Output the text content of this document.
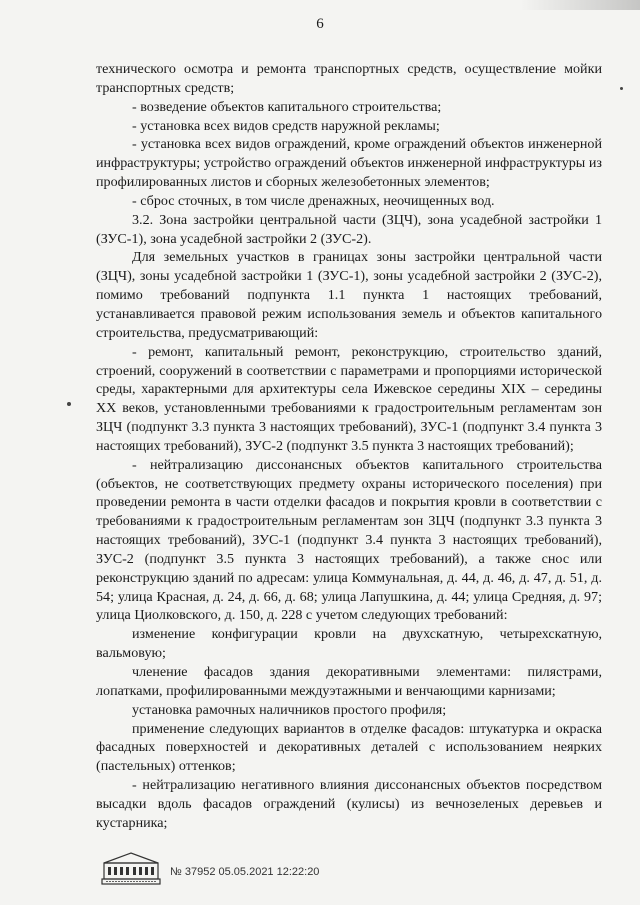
6

технического осмотра и ремонта транспортных средств, осуществление мойки транспортных средств;

- возведение объектов капитального строительства;

- установка всех видов средств наружной рекламы;

- установка всех видов ограждений, кроме ограждений объектов инженерной инфраструктуры; устройство ограждений объектов инженерной инфраструктуры из профилированных листов и сборных железобетонных элементов;

- сброс сточных, в том числе дренажных, неочищенных вод.

3.2. Зона застройки центральной части (ЗЦЧ), зона усадебной застройки 1 (ЗУС-1), зона усадебной застройки 2 (ЗУС-2).

Для земельных участков в границах зоны застройки центральной части (ЗЦЧ), зоны усадебной застройки 1 (ЗУС-1), зоны усадебной застройки 2 (ЗУС-2), помимо требований подпункта 1.1 пункта 1 настоящих требований, устанавливается правовой режим использования земель и объектов капитального строительства, предусматривающий:

- ремонт, капитальный ремонт, реконструкцию, строительство зданий, строений, сооружений в соответствии с параметрами и пропорциями исторической среды, характерными для архитектуры села Ижевское середины XIX – середины XX веков, установленными требованиями к градостроительным регламентам зон ЗЦЧ (подпункт 3.3 пункта 3 настоящих требований), ЗУС-1 (подпункт 3.4 пункта 3 настоящих требований), ЗУС-2 (подпункт 3.5 пункта 3 настоящих требований);

- нейтрализацию диссонансных объектов капитального строительства (объектов, не соответствующих предмету охраны исторического поселения) при проведении ремонта в части отделки фасадов и покрытия кровли в соответствии с требованиями к градостроительным регламентам зон ЗЦЧ (подпункт 3.3 пункта 3 настоящих требований), ЗУС-1 (подпункт 3.4 пункта 3 настоящих требований), ЗУС-2 (подпункт 3.5 пункта 3 настоящих требований), а также снос или реконструкцию зданий по адресам: улица Коммунальная, д. 44, д. 46, д. 47, д. 51, д. 54; улица Красная, д. 24, д. 66, д. 68; улица Лапушкина, д. 44; улица Средняя, д. 97; улица Циолковского, д. 150, д. 228 с учетом следующих требований:

изменение конфигурации кровли на двухскатную, четырехскатную, вальмовую;

членение фасадов здания декоративными элементами: пилястрами, лопатками, профилированными междуэтажными и венчающими карнизами;

установка рамочных наличников простого профиля;

применение следующих вариантов в отделке фасадов: штукатурка и окраска фасадных поверхностей и декоративных деталей с использованием неярких (пастельных) оттенков;

- нейтрализацию негативного влияния диссонансных объектов посредством высадки вдоль фасадов ограждений (кулисы) из вечнозеленых деревьев и кустарника;

№ 37952 05.05.2021 12:22:20
